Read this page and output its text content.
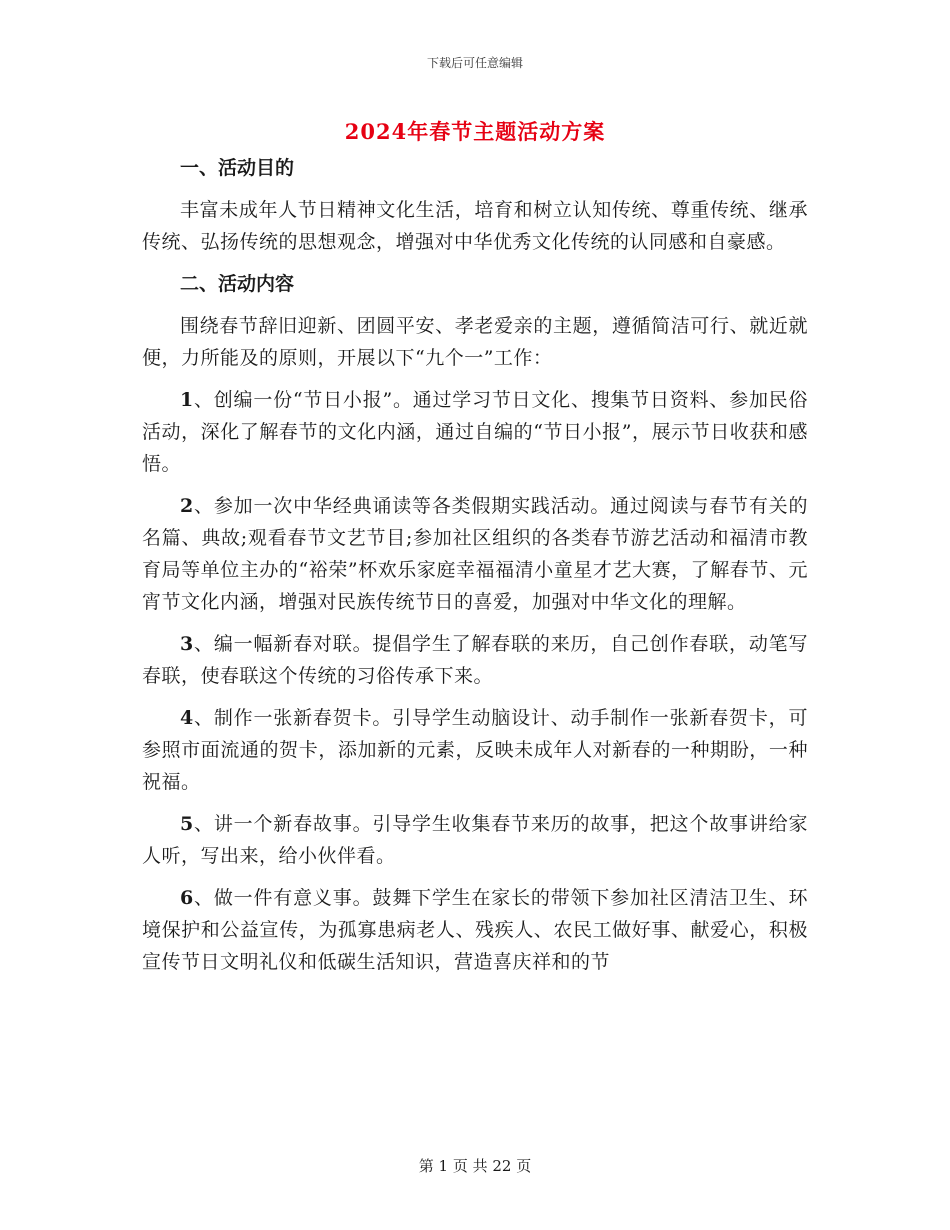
下载后可任意编辑
2024年春节主题活动方案
一、活动目的

丰富未成年人节日精神文化生活，培育和树立认知传统、尊重传统、继承传统、弘扬传统的思想观念，增强对中华优秀文化传统的认同感和自豪感。

二、活动内容

围绕春节辞旧迎新、团圆平安、孝老爱亲的主题，遵循简洁可行、就近就便，力所能及的原则，开展以下“九个一”工作：

1、创编一份“节日小报”。通过学习节日文化、搜集节日资料、参加民俗活动，深化了解春节的文化内涵，通过自编的“节日小报”，展示节日收获和感悟。

2、参加一次中华经典诵读等各类假期实践活动。通过阅读与春节有关的名篇、典故;观看春节文艺节目;参加社区组织的各类春节游艺活动和福清市教育局等单位主办的“裕荣”杯欢乐家庭幸福福清小童星才艺大赛，了解春节、元宵节文化内涵，增强对民族传统节日的喜爱，加强对中华文化的理解。

3、编一幅新春对联。提倡学生了解春联的来历，自己创作春联，动笔写春联，使春联这个传统的习俗传承下来。

4、制作一张新春贺卡。引导学生动脑设计、动手制作一张新春贺卡，可参照市面流通的贺卡，添加新的元素，反映未成年人对新春的一种期盼，一种祝福。

5、讲一个新春故事。引导学生收集春节来历的故事，把这个故事讲给家人听，写出来，给小伙伴看。

6、做一件有意义事。鼓舞下学生在家长的带领下参加社区清洁卫生、环境保护和公益宣传，为孤寡患病老人、残疾人、农民工做好事、献爱心，积极宣传节日文明礼仪和低碳生活知识，营造喜庆祥和的节

第 1 页 共 22 页
